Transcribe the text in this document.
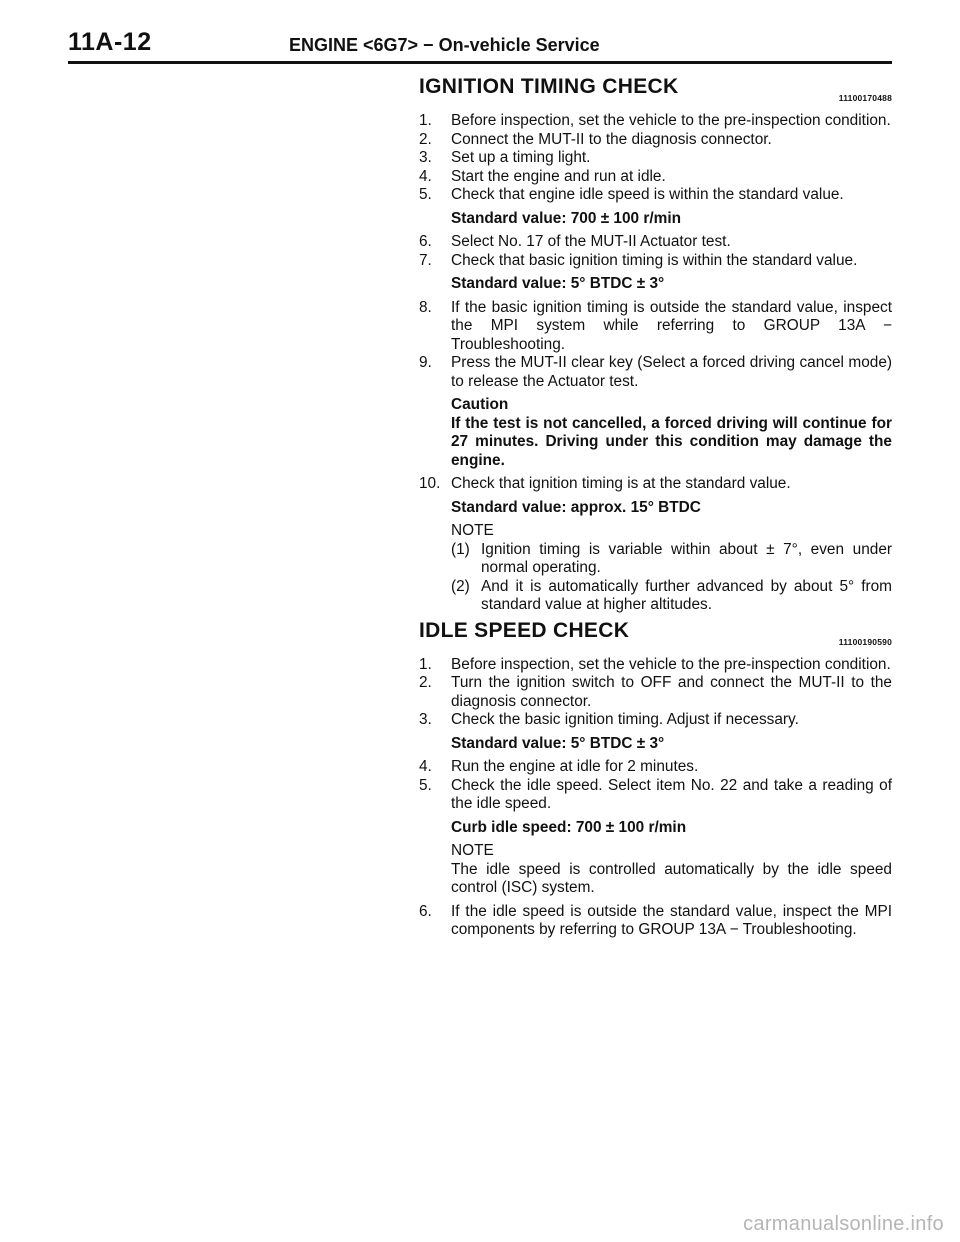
11A-12	ENGINE <6G7> − On-vehicle Service
IGNITION TIMING CHECK	11100170488
1. Before inspection, set the vehicle to the pre-inspection condition.
2. Connect the MUT-II to the diagnosis connector.
3. Set up a timing light.
4. Start the engine and run at idle.
5. Check that engine idle speed is within the standard value.
Standard value: 700 ± 100 r/min
6. Select No. 17 of the MUT-II Actuator test.
7. Check that basic ignition timing is within the standard value.
Standard value: 5° BTDC ± 3°
8. If the basic ignition timing is outside the standard value, inspect the MPI system while referring to GROUP 13A − Troubleshooting.
9. Press the MUT-II clear key (Select a forced driving cancel mode) to release the Actuator test.
Caution
If the test is not cancelled, a forced driving will continue for 27 minutes. Driving under this condition may damage the engine.
10. Check that ignition timing is at the standard value.
Standard value: approx. 15° BTDC
NOTE
(1) Ignition timing is variable within about ± 7°, even under normal operating.
(2) And it is automatically further advanced by about 5° from standard value at higher altitudes.
IDLE SPEED CHECK	11100190590
1. Before inspection, set the vehicle to the pre-inspection condition.
2. Turn the ignition switch to OFF and connect the MUT-II to the diagnosis connector.
3. Check the basic ignition timing. Adjust if necessary.
Standard value: 5° BTDC ± 3°
4. Run the engine at idle for 2 minutes.
5. Check the idle speed. Select item No. 22 and take a reading of the idle speed.
Curb idle speed: 700 ± 100 r/min
NOTE
The idle speed is controlled automatically by the idle speed control (ISC) system.
6. If the idle speed is outside the standard value, inspect the MPI components by referring to GROUP 13A − Troubleshooting.
carmanualsonline.info
